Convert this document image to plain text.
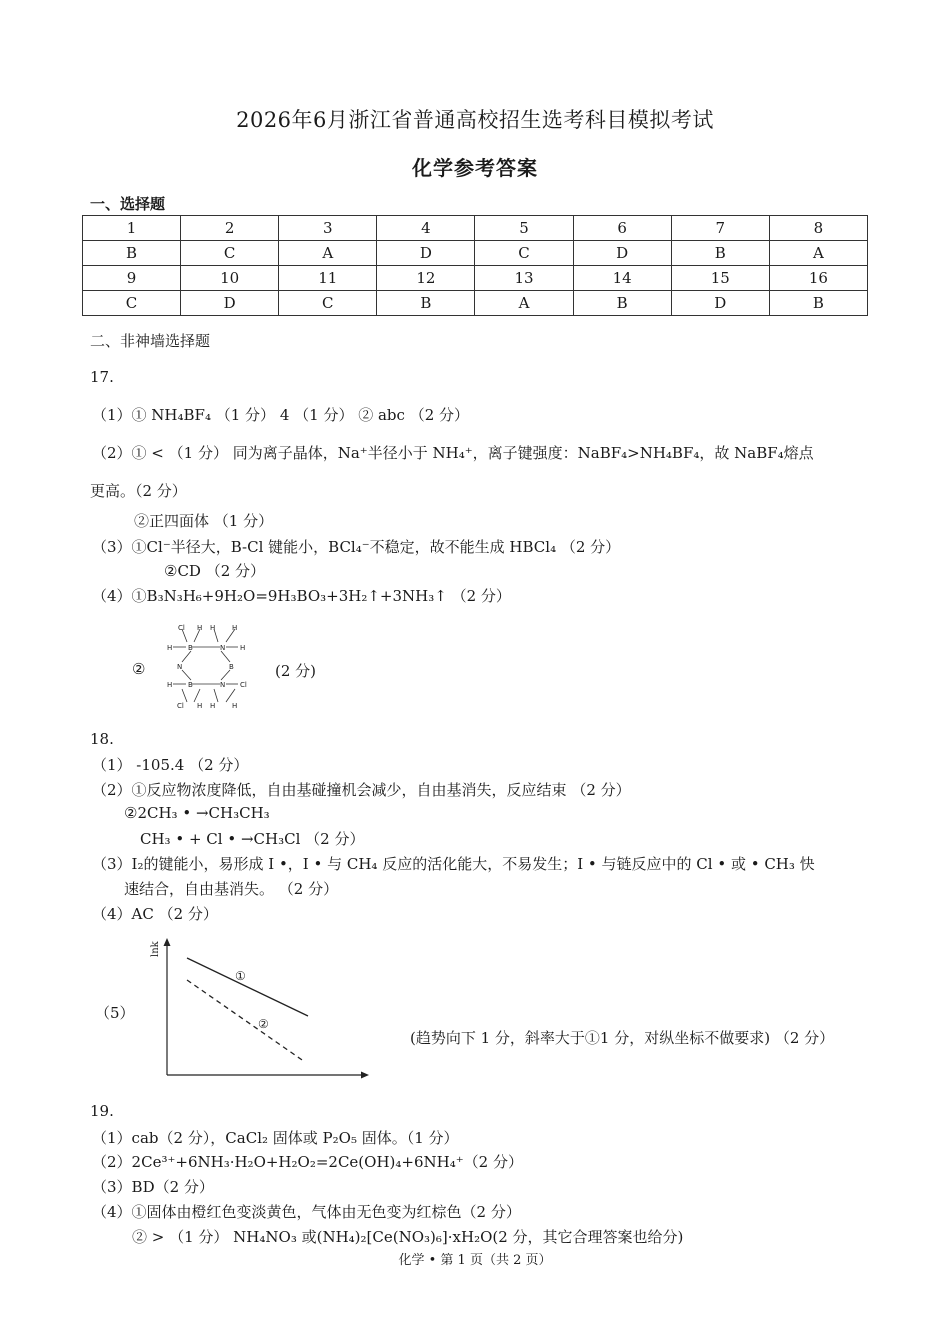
2026年6月浙江省普通高校招生选考科目模拟考试
化学参考答案
一、选择题
1	2	3	4	5	6	7	8
B	C	A	D	C	D	B	A
9	10	11	12	13	14	15	16
C	D	C	B	A	B	D	B
二、非神墙选择题
17.
（1）① NH₄BF₄ （1 分） 4 （1 分） ② abc （2 分）
（2）① < （1 分） 同为离子晶体，Na⁺半径小于 NH₄⁺，离子键强度：NaBF₄>NH₄BF₄，故 NaBF₄熔点
更高。（2 分）
②正四面体 （1 分）
（3）①Cl⁻半径大，B-Cl 键能小，BCl₄⁻不稳定，故不能生成 HBCl₄ （2 分）
②CD （2 分）
（4）①B₃N₃H₆+9H₂O=9H₃BO₃+3H₂↑+3NH₃↑ （2 分）
②
Cl H H H
H B	N H
N	B
H B	N Cl
Cl H H H
(2 分)
18.
（1） -105.4 （2 分）
（2）①反应物浓度降低，自由基碰撞机会减少，自由基消失，反应结束 （2 分）
②2CH₃ • →CH₃CH₃
CH₃ • + Cl • →CH₃Cl （2 分）
（3）I₂的键能小，易形成 I •，I • 与 CH₄ 反应的活化能大，不易发生；I • 与链反应中的 Cl • 或 • CH₃ 快
速结合，自由基消失。 （2 分）
（4）AC （2 分）
（5）
lnk
①
②
(趋势向下 1 分，斜率大于①1 分，对纵坐标不做要求) （2 分）
19.
（1）cab（2 分），CaCl₂ 固体或 P₂O₅ 固体。（1 分）
（2）2Ce³⁺+6NH₃·H₂O+H₂O₂=2Ce(OH)₄+6NH₄⁺（2 分）
（3）BD（2 分）
（4）①固体由橙红色变淡黄色，气体由无色变为红棕色（2 分）
② > （1 分） NH₄NO₃ 或(NH₄)₂[Ce(NO₃)₆]·xH₂O(2 分，其它合理答案也给分)
化学 • 第 1 页（共 2 页）
